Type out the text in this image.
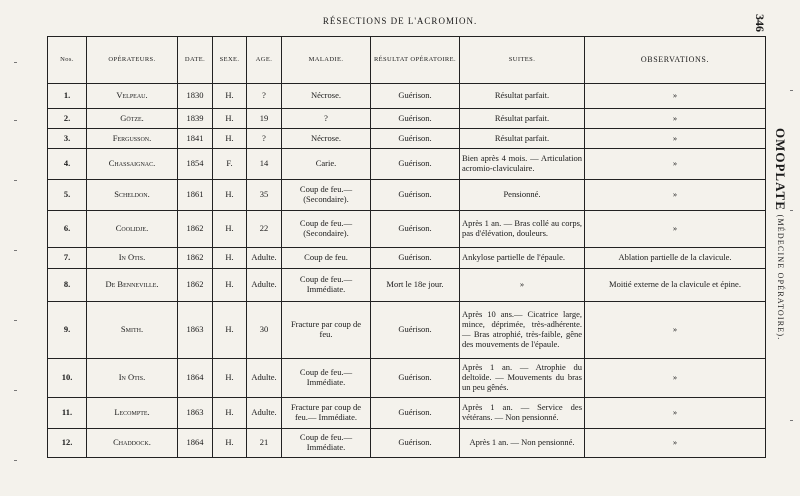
RÉSECTIONS DE L'ACROMION.	346
OMOPLATE (MÉDECINE OPÉRATOIRE).
Nos.	OPÉRATEURS.	DATE.	SEXE.	AGE.	MALADIE.	RÉSULTAT OPÉRATOIRE.	SUITES.	OBSERVATIONS.
1.	Velpeau.	1830	H.	?	Nécrose.	Guérison.	Résultat parfait.	»
2.	Götze.	1839	H.	19	?	Guérison.	Résultat parfait.	»
3.	Fergusson.	1841	H.	?	Nécrose.	Guérison.	Résultat parfait.	»
4.	Chassaignac.	1854	F.	14	Carie.	Guérison.	Bien après 4 mois. — Articulation acromio-claviculaire.	»
5.	Scheldon.	1861	H.	35	Coup de feu.— (Secondaire).	Guérison.	Pensionné.	»
6.	Coolidje.	1862	H.	22	Coup de feu.— (Secondaire).	Guérison.	Après 1 an. — Bras collé au corps, pas d'élévation, douleurs.	»
7.	In Otis.	1862	H.	Adulte.	Coup de feu.	Guérison.	Ankylose partielle de l'épaule.	Ablation partielle de la clavicule.
8.	De Benneville.	1862	H.	Adulte.	Coup de feu.— Immédiate.	Mort le 18e jour.	»	Moitié externe de la clavicule et épine.
9.	Smith.	1863	H.	30	Fracture par coup de feu.	Guérison.	Après 10 ans.— Cicatrice large, mince, déprimée, très-adhérente. — Bras atrophié, très-faible, gêne des mouvements de l'épaule.	»
10.	In Otis.	1864	H.	Adulte.	Coup de feu.— Immédiate.	Guérison.	Après 1 an. — Atrophie du deltoïde. — Mouvements du bras un peu gênés.	»
11.	Lecompte.	1863	H.	Adulte.	Fracture par coup de feu.— Immédiate.	Guérison.	Après 1 an. — Service des vétérans. — Non pensionné.	»
12.	Chaddock.	1864	H.	21	Coup de feu.— Immédiate.	Guérison.	Après 1 an. — Non pensionné.	»
